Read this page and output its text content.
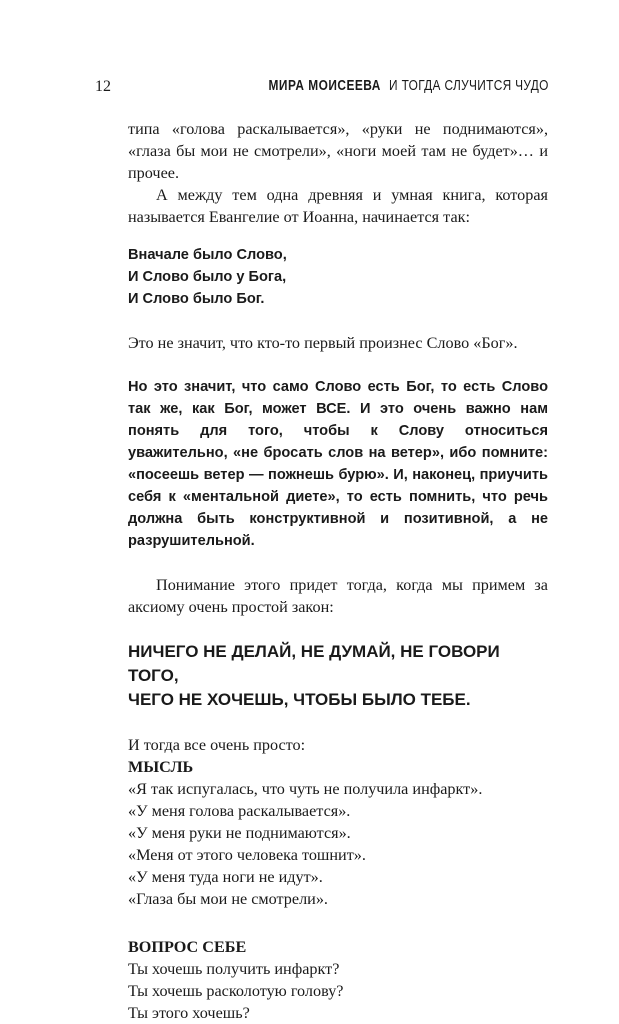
12	МИРА МОИСЕЕВА И ТОГДА СЛУЧИТСЯ ЧУДО

типа «голова раскалывается», «руки не поднимаются», «глаза бы мои не смотрели», «ноги моей там не будет»… и прочее.

А между тем одна древняя и умная книга, которая называется Евангелие от Иоанна, начинается так:

Вначале было Слово,

И Слово было у Бога,

И Слово было Бог.

Это не значит, что кто-то первый произнес Слово «Бог».

Но это значит, что само Слово есть Бог, то есть Слово так же, как Бог, может ВСЕ. И это очень важно нам понять для того, чтобы к Слову относиться уважительно, «не бросать слов на ветер», ибо помните: «посеешь ветер — пожнешь бурю». И, наконец, приучить себя к «ментальной диете», то есть помнить, что речь должна быть конструктивной и позитивной, а не разрушительной.

Понимание этого придет тогда, когда мы примем за аксиому очень простой закон:

НИЧЕГО НЕ ДЕЛАЙ, НЕ ДУМАЙ, НЕ ГОВОРИ ТОГО,

ЧЕГО НЕ ХОЧЕШЬ, ЧТОБЫ БЫЛО ТЕБЕ.

И тогда все очень просто:

МЫСЛЬ

«Я так испугалась, что чуть не получила инфаркт».

«У меня голова раскалывается».

«У меня руки не поднимаются».

«Меня от этого человека тошнит».

«У меня туда ноги не идут».

«Глаза бы мои не смотрели».

ВОПРОС СЕБЕ

Ты хочешь получить инфаркт?

Ты хочешь расколотую голову?

Ты этого хочешь?
